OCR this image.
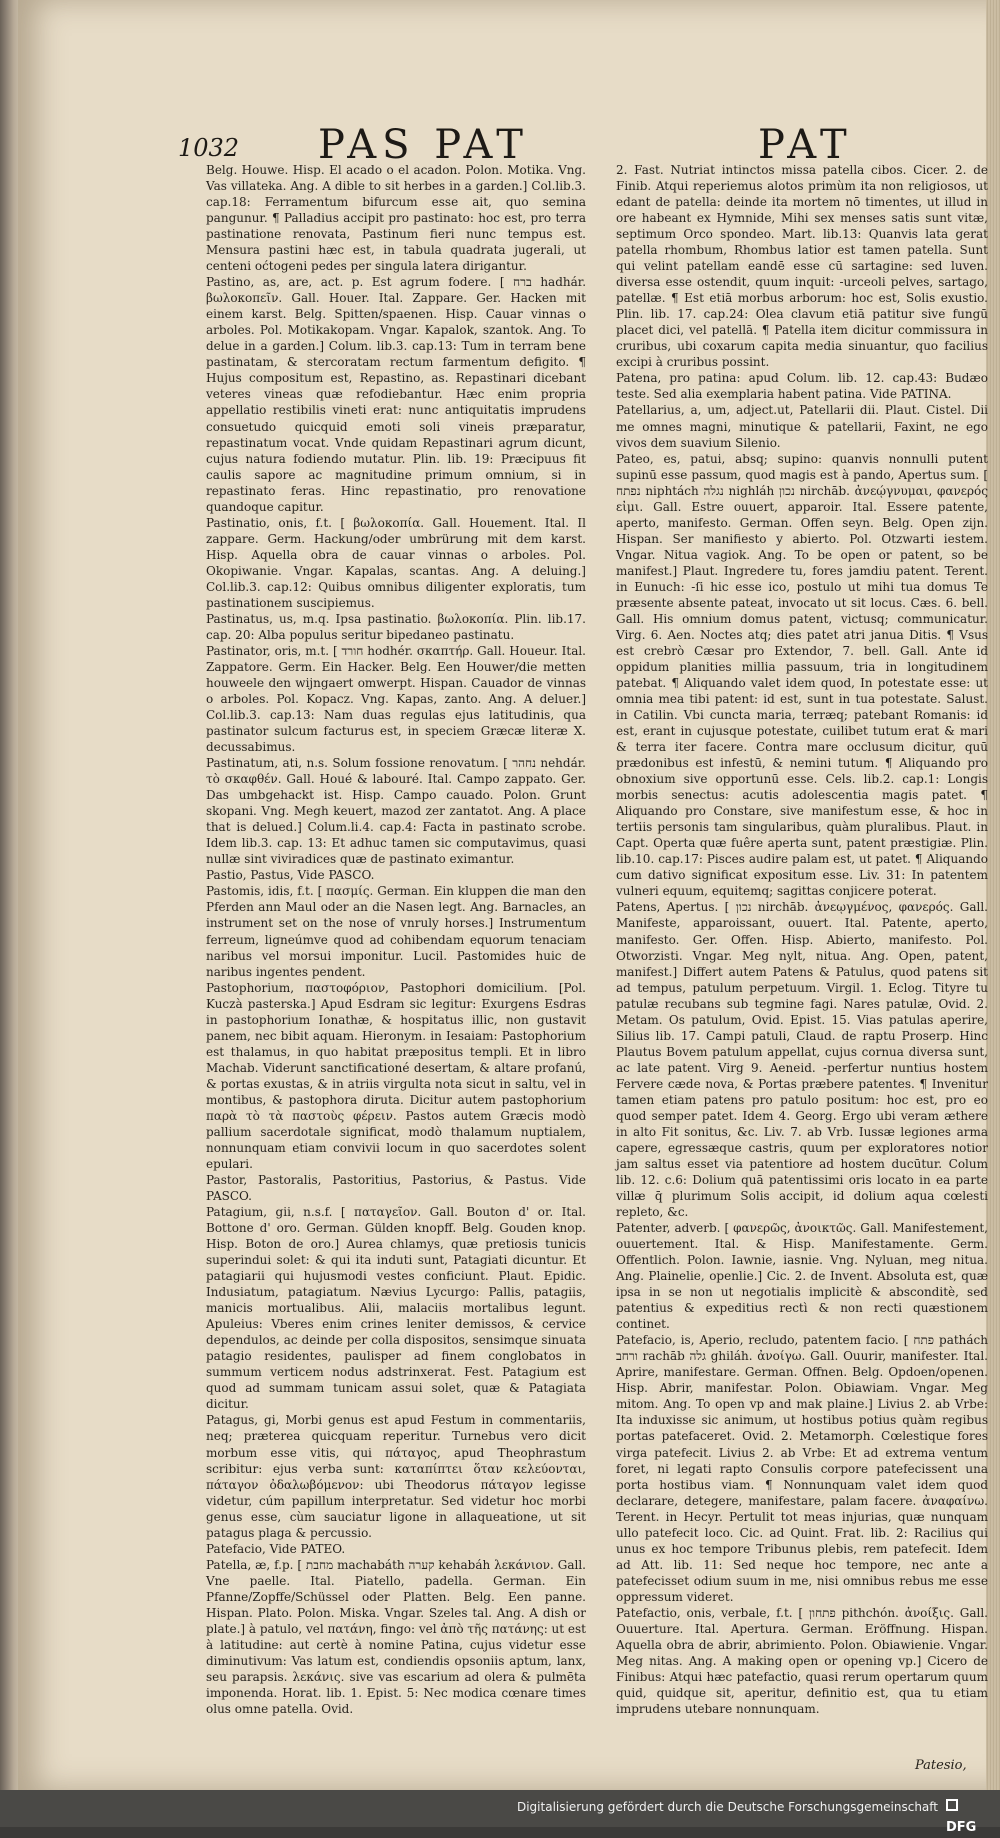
1032 PAS PAT	PAT

Belg. Houwe. Hisp. El acado o el acadon. Polon. Motika. Vng. Vas villateka. Ang. A dible to sit herbes in a garden.] Col.lib.3. cap.18: Ferramentum bifurcum esse ait, quo semina pangunur. ¶ Palladius accipit pro pastinato: hoc est, pro terra pastinatione renovata, Pastinum fieri nunc tempus est. Mensura pastini hæc est, in tabula quadrata jugerali, ut centeni oćtogeni pedes per singula latera dirigantur.

Pastino, as, are, act. p. Est agrum fodere. [ ברח hadhár. βωλοκοπεῖν. Gall. Houer. Ital. Zappare. Ger. Hacken mit einem karst. Belg. Spitten/spaenen. Hisp. Cauar vinnas o arboles. Pol. Motikakopam. Vngar. Kapalok, szantok. Ang. To delue in a garden.] Colum. lib.3. cap.13: Tum in terram bene pastinatam, & stercoratam rectum farmentum defigito. ¶ Hujus compositum est, Repastino, as. Repastinari dicebant veteres vineas quæ refodiebantur. Hæc enim propria appellatio restibilis vineti erat: nunc antiquitatis imprudens consuetudo quicquid emoti soli vineis præparatur, repastinatum vocat. Vnde quidam Repastinari agrum dicunt, cujus natura fodiendo mutatur. Plin. lib. 19: Præcipuus fit caulis sapore ac magnitudine primum omnium, si in repastinato feras. Hinc repastinatio, pro renovatione quandoque capitur.

Pastinatio, onis, f.t. [ βωλοκοπία. Gall. Houement. Ital. Il zappare. Germ. Hackung/oder umbrürung mit dem karst. Hisp. Aquella obra de cauar vinnas o arboles. Pol. Okopiwanie. Vngar. Kapalas, scantas. Ang. A deluing.] Col.lib.3. cap.12: Quibus omnibus diligenter exploratis, tum pastinationem suscipiemus.

Pastinatus, us, m.q. Ipsa pastinatio. βωλοκοπία. Plin. lib.17. cap. 20: Alba populus seritur bipedaneo pastinatu.

Pastinator, oris, m.t. [ חורד hodhér. σκαπτήρ. Gall. Houeur. Ital. Zappatore. Germ. Ein Hacker. Belg. Een Houwer/die metten houweele den wijngaert omwerpt. Hispan. Cauador de vinnas o arboles. Pol. Kopacz. Vng. Kapas, zanto. Ang. A deluer.] Col.lib.3. cap.13: Nam duas regulas ejus latitudinis, qua pastinator sulcum facturus est, in speciem Græcæ literæ X. decussabimus.

Pastinatum, ati, n.s. Solum fossione renovatum. [ נחהר nehdár. τὸ σκαφθέν. Gall. Houé & labouré. Ital. Campo zappato. Ger. Das umbgehackt ist. Hisp. Campo cauado. Polon. Grunt skopani. Vng. Megh keuert, mazod zer zantatot. Ang. A place that is delued.] Colum.li.4. cap.4: Facta in pastinato scrobe. Idem lib.3. cap. 13: Et adhuc tamen sic computavimus, quasi nullæ sint viviradices quæ de pastinato eximantur.

Pastio, Pastus, Vide PASCO.

Pastomis, idis, f.t. [ πασμίς. German. Ein kluppen die man den Pferden ann Maul oder an die Nasen legt. Ang. Barnacles, an instrument set on the nose of vnruly horses.] Instrumentum ferreum, ligneúmve quod ad cohibendam equorum tenaciam naribus vel morsui imponitur. Lucil. Pastomides huic de naribus ingentes pendent.

Pastophorium, παστοφόριον, Pastophori domicilium. [Pol. Kuczà pasterska.] Apud Esdram sic legitur: Exurgens Esdras in pastophorium Ionathæ, & hospitatus illic, non gustavit panem, nec bibit aquam. Hieronym. in Iesaiam: Pastophorium est thalamus, in quo habitat præpositus templi. Et in libro Machab. Viderunt sanctificationé desertam, & altare profanú, & portas exustas, & in atriis virgulta nota sicut in saltu, vel in montibus, & pastophora diruta. Dicitur autem pastophorium παρὰ τὸ τὰ παστοὺς φέρειν. Pastos autem Græcis modò pallium sacerdotale significat, modò thalamum nuptialem, nonnunquam etiam convivii locum in quo sacerdotes solent epulari.

Pastor, Pastoralis, Pastoritius, Pastorius, & Pastus. Vide PASCO.

Patagium, gii, n.s.f. [ παταγεῖον. Gall. Bouton d' or. Ital. Bottone d' oro. German. Gülden knopff. Belg. Gouden knop. Hisp. Boton de oro.] Aurea chlamys, quæ pretiosis tunicis superindui solet: & qui ita induti sunt, Patagiati dicuntur. Et patagiarii qui hujusmodi vestes conficiunt. Plaut. Epidic. Indusiatum, patagiatum. Nævius Lycurgo: Pallis, patagiis, manicis mortualibus. Alii, malaciis mortalibus legunt. Apuleius: Vberes enim crines leniter demissos, & cervice dependulos, ac deinde per colla dispositos, sensimque sinuata patagio residentes, paulisper ad finem conglobatos in summum verticem nodus adstrinxerat. Fest. Patagium est quod ad summam tunicam assui solet, quæ & Patagiata dicitur.

Patagus, gi, Morbi genus est apud Festum in commentariis, neq; præterea quicquam reperitur. Turnebus vero dicit morbum esse vitis, qui πάταγος, apud Theophrastum scribitur: ejus verba sunt: καταπίπτει ὅταν κελεύονται, πάταγον ὀδαλωβόμενον: ubi Theodorus πάταγον legisse videtur, cúm papillum interpretatur. Sed videtur hoc morbi genus esse, cùm sauciatur ligone in allaqueatione, ut sit patagus plaga & percussio.

Patefacio, Vide PATEO.

Patella, æ, f.p. [ מחבת machabáth קערה kehabáh λεκάνιον. Gall. Vne paelle. Ital. Piatello, padella. German. Ein Pfanne/Zopffe/Schüssel oder Platten. Belg. Een panne. Hispan. Plato. Polon. Miska. Vngar. Szeles tal. Ang. A dish or plate.] à patulo, vel πατάνη, fingo: vel ἀπὸ τῆς πατάνης: ut est à latitudine: aut certè à nomine Patina, cujus videtur esse diminutivum: Vas latum est, condiendis opsoniis aptum, lanx, seu parapsis. λεκάνις. sive vas escarium ad olera & pulmēta imponenda. Horat. lib. 1. Epist. 5: Nec modica cœnare times olus omne patella. Ovid.

2. Fast. Nutriat intinctos missa patella cibos. Cicer. 2. de Finib. Atqui reperiemus alotos primùm ita non religiosos, ut edant de patella: deinde ita mortem nō timentes, ut illud in ore habeant ex Hymnide, Mihi sex menses satis sunt vitæ, septimum Orco spondeo. Mart. lib.13: Quanvis lata gerat patella rhombum, Rhombus latior est tamen patella. Sunt qui velint patellam eandē esse cū sartagine: sed luven. diversa esse ostendit, quum inquit: -urceoli pelves, sartago, patellæ. ¶ Est etiā morbus arborum: hoc est, Solis exustio. Plin. lib. 17. cap.24: Olea clavum etiā patitur sive fungū placet dici, vel patellā. ¶ Patella item dicitur commissura in cruribus, ubi coxarum capita media sinuantur, quo facilius excipi à cruribus possint.

Patena, pro patina: apud Colum. lib. 12. cap.43: Budæo teste. Sed alia exemplaria habent patina. Vide PATINA.

Patellarius, a, um, adject.ut, Patellarii dii. Plaut. Cistel. Dii me omnes magni, minutique & patellarii, Faxint, ne ego vivos dem suavium Silenio.

Pateo, es, patui, absq; supino: quanvis nonnulli putent supinū esse passum, quod magis est à pando, Apertus sum. [ נפתח niphtách נגלה nighláh נכון nirchāb. ἀνεῴγνυμαι, φανερός εἰμι. Gall. Estre ouuert, apparoir. Ital. Essere patente, aperto, manifesto. German. Offen seyn. Belg. Open zijn. Hispan. Ser manifiesto y abierto. Pol. Otzwarti iestem. Vngar. Nitua vagiok. Ang. To be open or patent, so be manifest.] Plaut. Ingredere tu, fores jamdiu patent. Terent. in Eunuch: -ſi hic esse ico, postulo ut mihi tua domus Te præsente absente pateat, invocato ut sit locus. Cæs. 6. bell. Gall. His omnium domus patent, victusq; communicatur. Virg. 6. Aen. Noctes atq; dies patet atri janua Ditis. ¶ Vsus est crebrò Cæsar pro Extendor, 7. bell. Gall. Ante id oppidum planities millia passuum, tria in longitudinem patebat. ¶ Aliquando valet idem quod, In potestate esse: ut omnia mea tibi patent: id est, sunt in tua potestate. Salust. in Catilin. Vbi cuncta maria, terræq; patebant Romanis: id est, erant in cujusque potestate, cuilibet tutum erat & mari & terra iter facere. Contra mare occlusum dicitur, quū prædonibus est infestū, & nemini tutum. ¶ Aliquando pro obnoxium sive opportunū esse. Cels. lib.2. cap.1: Longis morbis senectus: acutis adolescentia magis patet. ¶ Aliquando pro Constare, sive manifestum esse, & hoc in tertiis personis tam singularibus, quàm pluralibus. Plaut. in Capt. Operta quæ fuêre aperta sunt, patent præstigiæ. Plin. lib.10. cap.17: Pisces audire palam est, ut patet. ¶ Aliquando cum dativo significat expositum esse. Liv. 31: In patentem vulneri equum, equitemq; sagittas conjicere poterat.

Patens, Apertus. [ נכון nirchāb. ἀνεῳγμένος, φανερός. Gall. Manifeste, apparoissant, ouuert. Ital. Patente, aperto, manifesto. Ger. Offen. Hisp. Abierto, manifesto. Pol. Otworzisti. Vngar. Meg nylt, nitua. Ang. Open, patent, manifest.] Differt autem Patens & Patulus, quod patens sit ad tempus, patulum perpetuum. Virgil. 1. Eclog. Tityre tu patulæ recubans sub tegmine fagi. Nares patulæ, Ovid. 2. Metam. Os patulum, Ovid. Epist. 15. Vias patulas aperire, Silius lib. 17. Campi patuli, Claud. de raptu Proserp. Hinc Plautus Bovem patulum appellat, cujus cornua diversa sunt, ac late patent. Virg 9. Aeneid. -perfertur nuntius hostem Fervere cæde nova, & Portas præbere patentes. ¶ Invenitur tamen etiam patens pro patulo positum: hoc est, pro eo quod semper patet. Idem 4. Georg. Ergo ubi veram æthere in alto Fit sonitus, &c. Liv. 7. ab Vrb. Iussæ legiones arma capere, egressæque castris, quum per exploratores notior jam saltus esset via patentiore ad hostem ducūtur. Colum lib. 12. c.6: Dolium quā patentissimi oris locato in ea parte villæ q̄ plurimum Solis accipit, id dolium aqua cœlesti repleto, &c.

Patenter, adverb. [ φανερῶς, ἀνοικτῶς. Gall. Manifestement, ouuertement. Ital. & Hisp. Manifestamente. Germ. Offentlich. Polon. Iawnie, iasnie. Vng. Nyluan, meg nitua. Ang. Plainelie, openlie.] Cic. 2. de Invent. Absoluta est, quæ ipsa in se non ut negotialis implicitè & absconditè, sed patentius & expeditius rectì & non recti quæstionem continet.

Patefacio, is, Aperio, recludo, patentem facio. [ פתח pathách ורחב rachāb גלה ghiláh. ἀνοίγω. Gall. Ouurir, manifester. Ital. Aprire, manifestare. German. Offnen. Belg. Opdoen/openen. Hisp. Abrir, manifestar. Polon. Obiawiam. Vngar. Meg mitom. Ang. To open vp and mak plaine.] Livius 2. ab Vrbe: Ita induxisse sic animum, ut hostibus potius quàm regibus portas patefaceret. Ovid. 2. Metamorph. Cœlestique fores virga patefecit. Livius 2. ab Vrbe: Et ad extrema ventum foret, ni legati rapto Consulis corpore patefecissent una porta hostibus viam. ¶ Nonnunquam valet idem quod declarare, detegere, manifestare, palam facere. ἀναφαίνω. Terent. in Hecyr. Pertulit tot meas injurias, quæ nunquam ullo patefecit loco. Cic. ad Quint. Frat. lib. 2: Racilius qui unus ex hoc tempore Tribunus plebis, rem patefecit. Idem ad Att. lib. 11: Sed neque hoc tempore, nec ante a patefecisset odium suum in me, nisi omnibus rebus me esse oppressum videret.

Patefactio, onis, verbale, f.t. [ פתחון pithchón. ἀνοίξις. Gall. Ouuerture. Ital. Apertura. German. Eröffnung. Hispan. Aquella obra de abrir, abrimiento. Polon. Obiawienie. Vngar. Meg nitas. Ang. A making open or opening vp.] Cicero de Finibus: Atqui hæc patefactio, quasi rerum opertarum quum quid, quidque sit, aperitur, definitio est, qua tu etiam imprudens utebare nonnunquam.

Patesio,
Digitalisierung gefördert durch die Deutsche Forschungsgemeinschaft
DFG
